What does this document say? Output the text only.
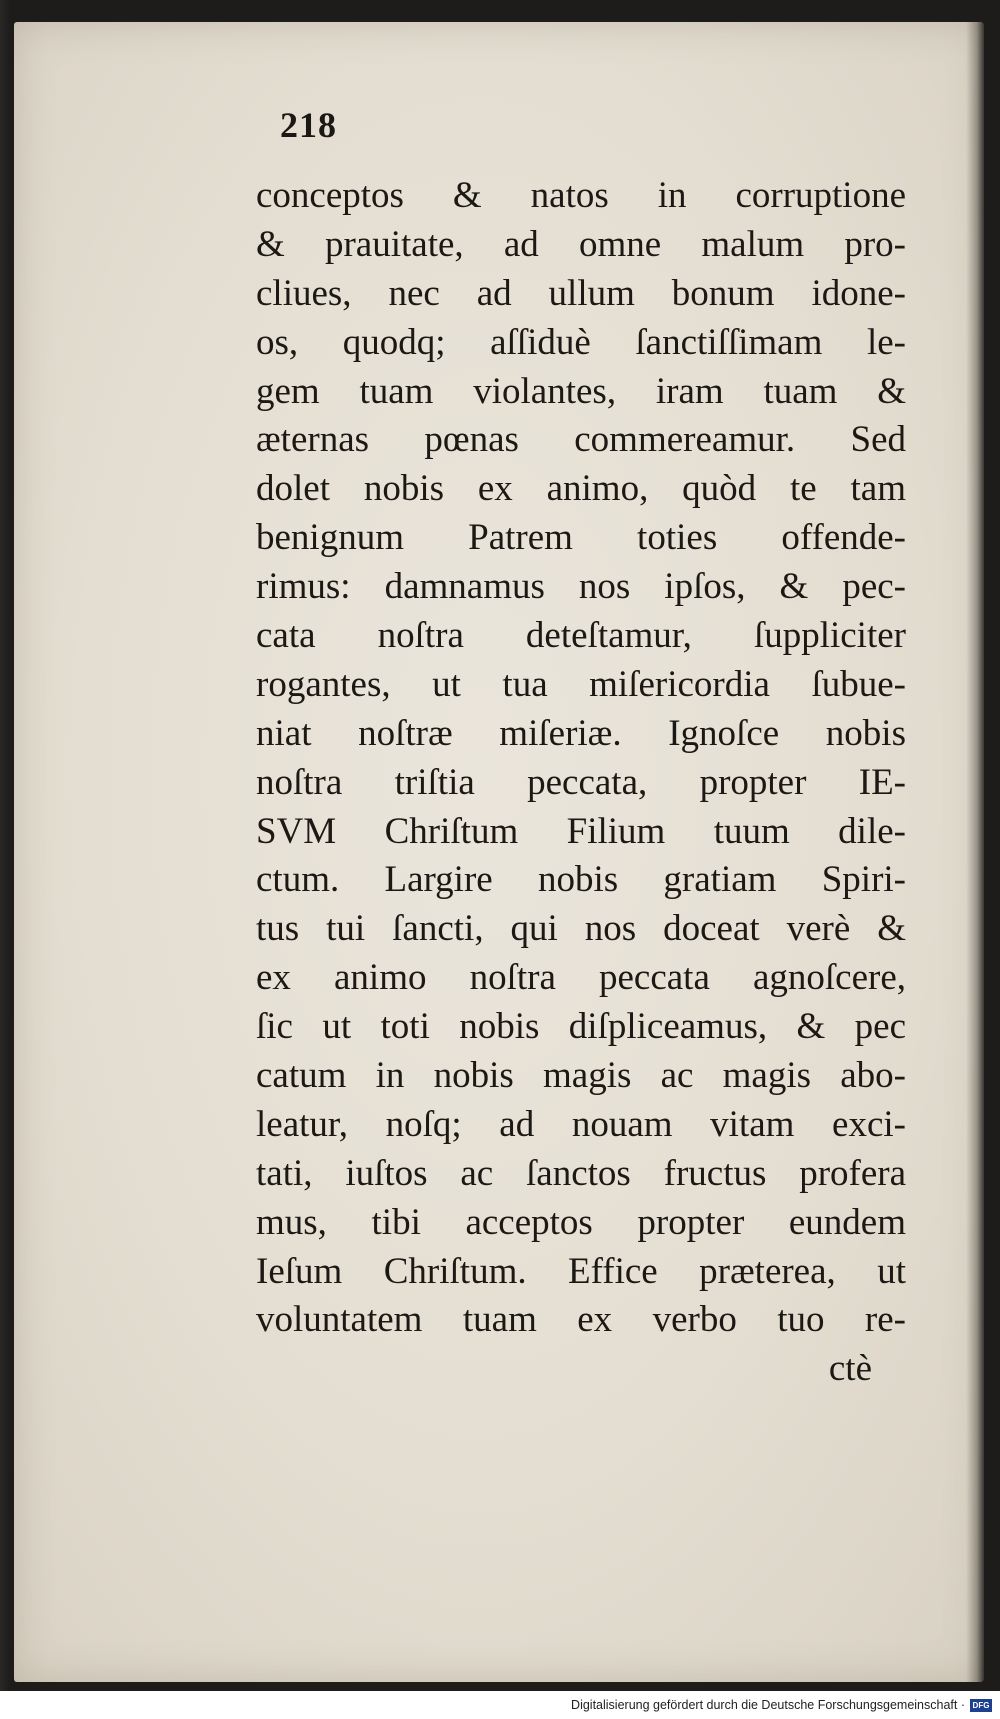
218
conceptos & natos in corruptione
& prauitate, ad omne malum pro-
cliues, nec ad ullum bonum idone-
os, quodq; aſſiduè ſanctiſſimam le-
gem tuam violantes, iram tuam &
æternas pœnas commereamur. Sed
dolet nobis ex animo, quòd te tam
benignum Patrem toties offende-
rimus: damnamus nos ipſos, & pec-
cata noſtra deteſtamur, ſuppliciter
rogantes, ut tua miſericordia ſubue-
niat noſtræ miſeriæ. Ignoſce nobis
noſtra triſtia peccata, propter IE-
SVM Chriſtum Filium tuum dile-
ctum. Largire nobis gratiam Spiri-
tus tui ſancti, qui nos doceat verè &
ex animo noſtra peccata agnoſcere,
ſic ut toti nobis diſpliceamus, & pec
catum in nobis magis ac magis abo-
leatur, noſq; ad nouam vitam exci-
tati, iuſtos ac ſanctos fructus profera
mus, tibi acceptos propter eundem
Ieſum Chriſtum. Effice præterea, ut
voluntatem tuam ex verbo tuo re-
ctè
Digitalisierung gefördert durch die Deutsche Forschungsgemeinschaft · DFG
